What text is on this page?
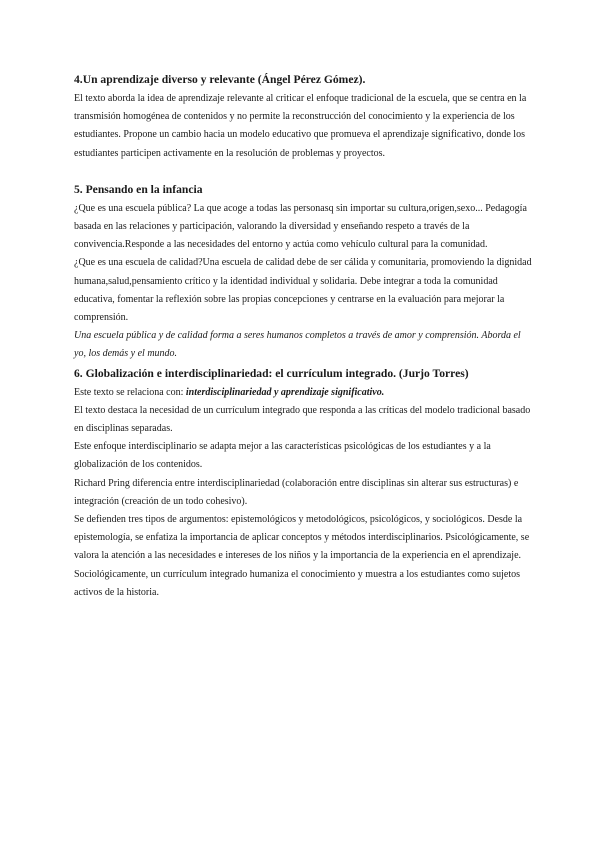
4.Un aprendizaje diverso y relevante (Ángel Pérez Gómez).

El texto aborda la idea de aprendizaje relevante al criticar el enfoque tradicional de la escuela, que se centra en la transmisión homogénea de contenidos y no permite la reconstrucción del conocimiento y la experiencia de los estudiantes. Propone un cambio hacia un modelo educativo que promueva el aprendizaje significativo, donde los estudiantes participen activamente en la resolución de problemas y proyectos.

5. Pensando en la infancia

¿Que es una escuela pública? La que acoge a todas las personasq sin importar su cultura,origen,sexo... Pedagogía basada en las relaciones y participación, valorando la diversidad y enseñando respeto a través de la convivencia.Responde a las necesidades del entorno y actúa como vehículo cultural para la comunidad.

¿Que es una escuela de calidad?Una escuela de calidad debe de ser cálida y comunitaria, promoviendo la dignidad humana,salud,pensamiento crítico y la identidad individual y solidaria. Debe integrar a toda la comunidad educativa, fomentar la reflexión sobre las propias concepciones y centrarse en la evaluación para mejorar la comprensión.

Una escuela pública y de calidad forma a seres humanos completos a través de amor y comprensión. Aborda el yo, los demás y el mundo.

6. Globalización e interdisciplinariedad: el currículum integrado. (Jurjo Torres)

Este texto se relaciona con: interdisciplinariedad y aprendizaje significativo.

El texto destaca la necesidad de un currículum integrado que responda a las críticas del modelo tradicional basado en disciplinas separadas.

Este enfoque interdisciplinario se adapta mejor a las características psicológicas de los estudiantes y a la globalización de los contenidos.

Richard Pring diferencia entre interdisciplinariedad (colaboración entre disciplinas sin alterar sus estructuras) e integración (creación de un todo cohesivo).

Se defienden tres tipos de argumentos: epistemológicos y metodológicos, psicológicos, y sociológicos. Desde la epistemología, se enfatiza la importancia de aplicar conceptos y métodos interdisciplinarios. Psicológicamente, se valora la atención a las necesidades e intereses de los niños y la importancia de la experiencia en el aprendizaje. Sociológicamente, un currículum integrado humaniza el conocimiento y muestra a los estudiantes como sujetos activos de la historia.
